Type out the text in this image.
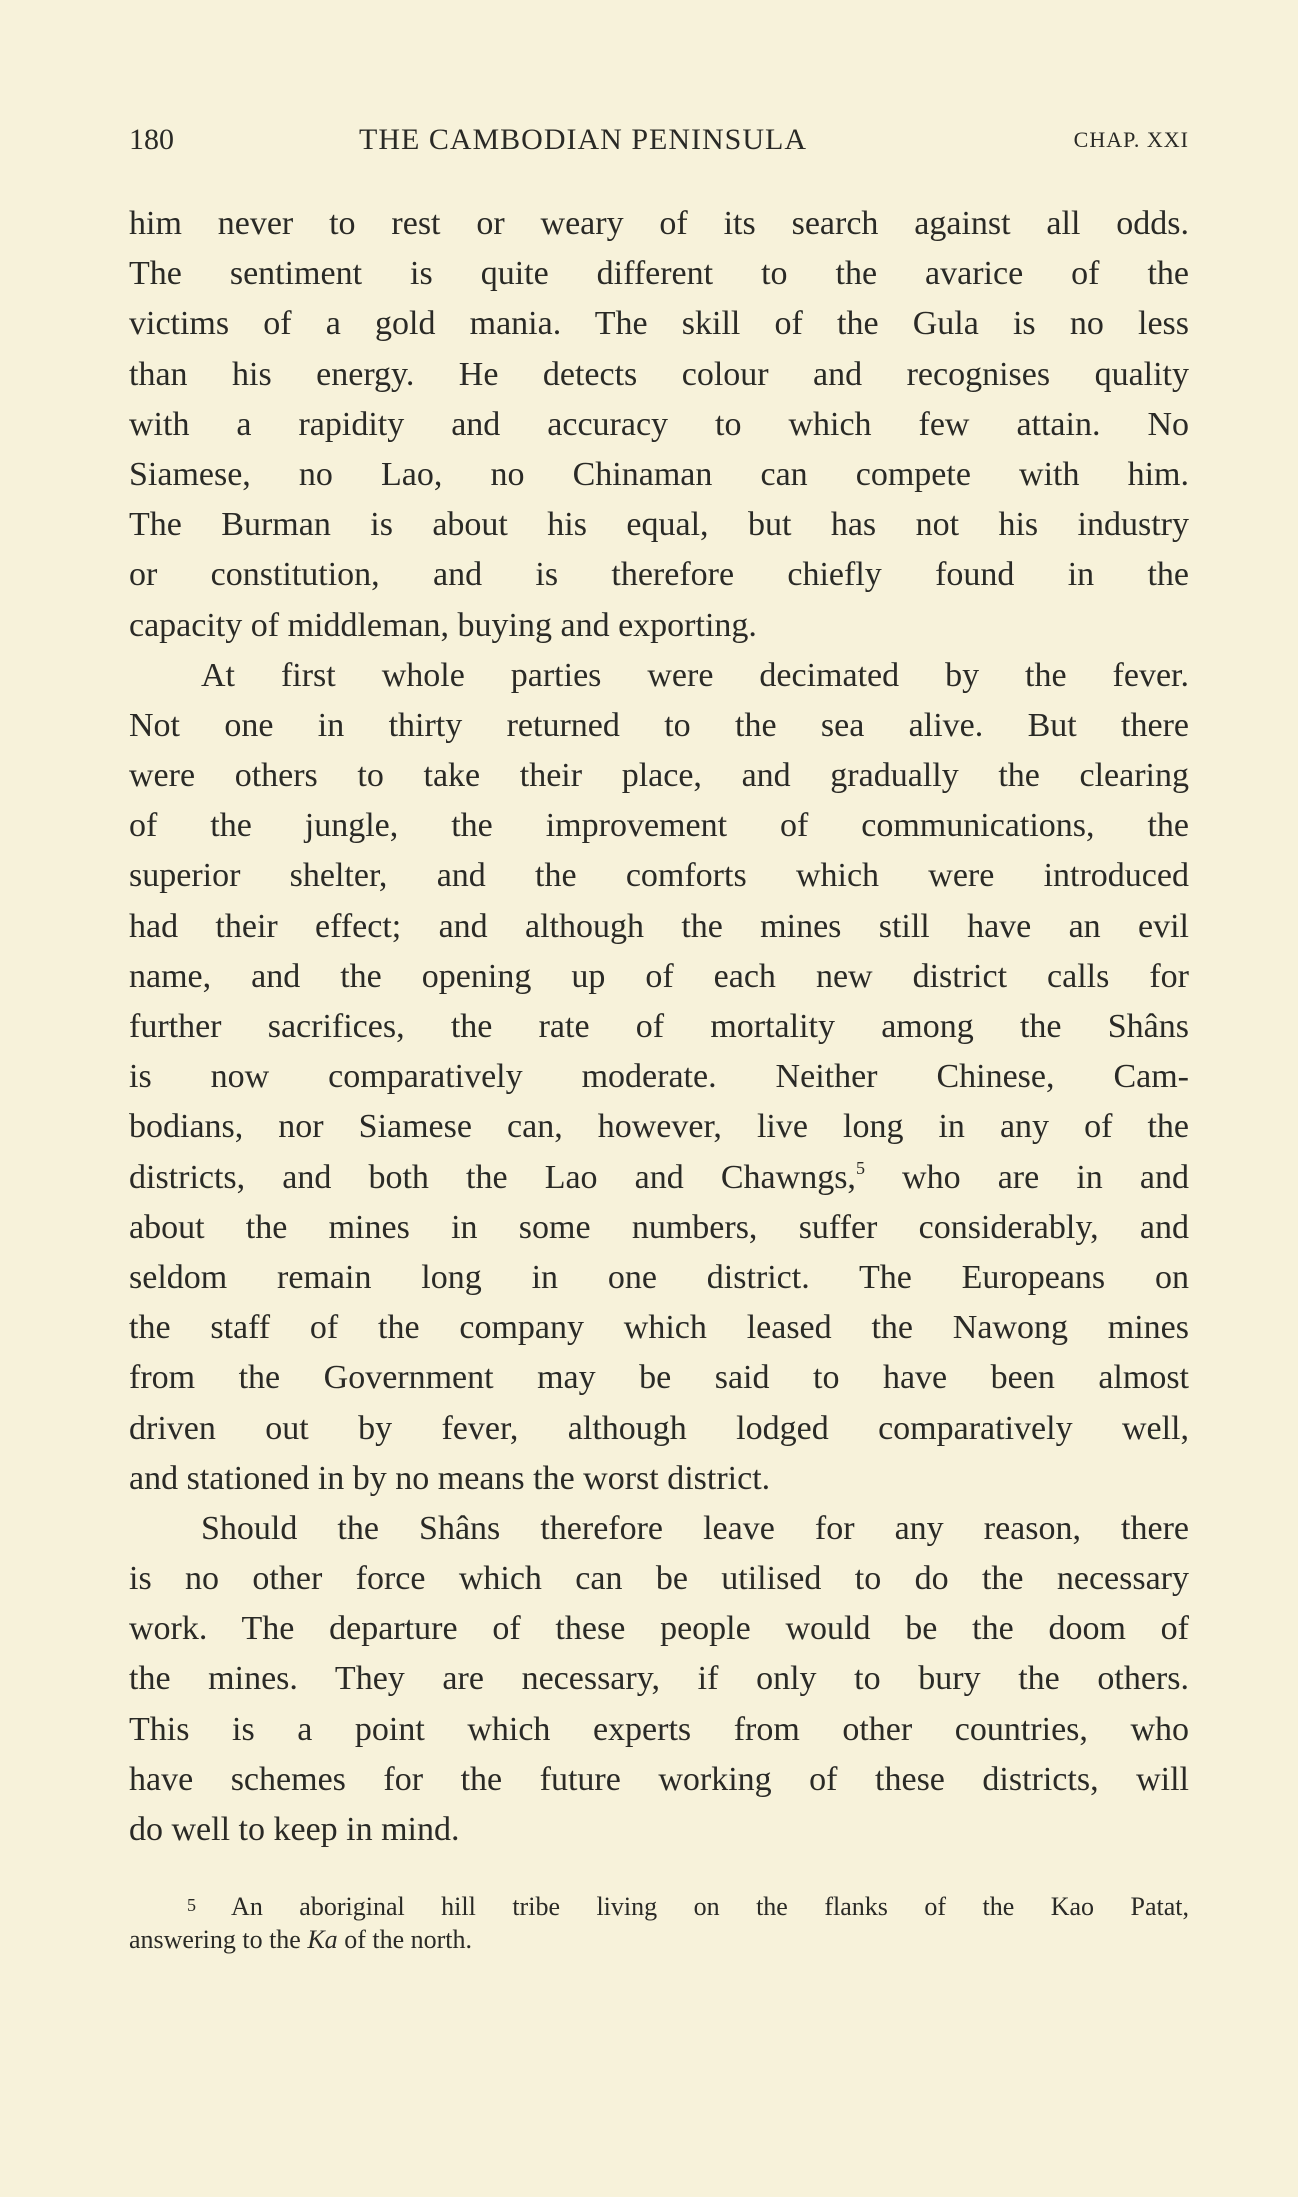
180	THE CAMBODIAN PENINSULA	CHAP. XXI
him never to rest or weary of its search against all odds.
The sentiment is quite different to the avarice of the
victims of a gold mania. The skill of the Gula is no less
than his energy. He detects colour and recognises quality
with a rapidity and accuracy to which few attain. No
Siamese, no Lao, no Chinaman can compete with him.
The Burman is about his equal, but has not his industry
or constitution, and is therefore chiefly found in the
capacity of middleman, buying and exporting.
At first whole parties were decimated by the fever.
Not one in thirty returned to the sea alive. But there
were others to take their place, and gradually the clearing
of the jungle, the improvement of communications, the
superior shelter, and the comforts which were introduced
had their effect; and although the mines still have an evil
name, and the opening up of each new district calls for
further sacrifices, the rate of mortality among the Shâns
is now comparatively moderate. Neither Chinese, Cam-
bodians, nor Siamese can, however, live long in any of the
districts, and both the Lao and Chawngs,$^5$ who are in and
about the mines in some numbers, suffer considerably, and
seldom remain long in one district. The Europeans on
the staff of the company which leased the Nawong mines
from the Government may be said to have been almost
driven out by fever, although lodged comparatively well,
and stationed in by no means the worst district.
Should the Shâns therefore leave for any reason, there
is no other force which can be utilised to do the necessary
work. The departure of these people would be the doom of
the mines. They are necessary, if only to bury the others.
This is a point which experts from other countries, who
have schemes for the future working of these districts, will
do well to keep in mind.
$^5$ An aboriginal hill tribe living on the flanks of the Kao Patat,
answering to the Ka of the north.
